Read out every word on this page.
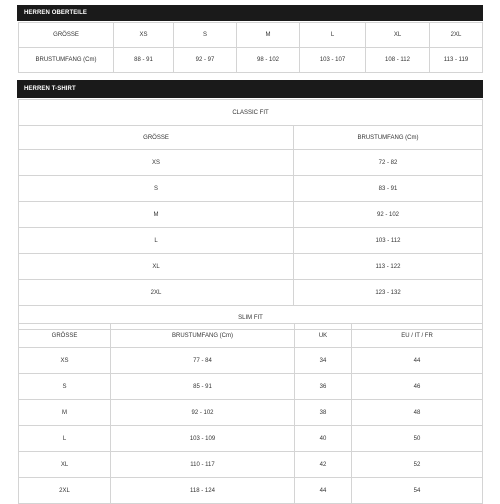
HERREN OBERTEILE
GRÖSSE	XS	S	M	L	XL	2XL
BRUSTUMFANG (Cm)	88 - 91	92 - 97	98 - 102	103 - 107	108 - 112	113 - 119
HERREN T-SHIRT
CLASSIC FIT	
GRÖSSE	BRUSTUMFANG (Cm)
XS	72 - 82
S	83 - 91
M	92 - 102
L	103 - 112
XL	113 - 122
2XL	123 - 132
SLIM FIT	
GRÖSSE	BRUSTUMFANG (Cm)	UK	EU / IT / FR
XS	77 - 84	34	44
S	85 - 91	36	46
M	92 - 102	38	48
L	103 - 109	40	50
XL	110 - 117	42	52
2XL	118 - 124	44	54
